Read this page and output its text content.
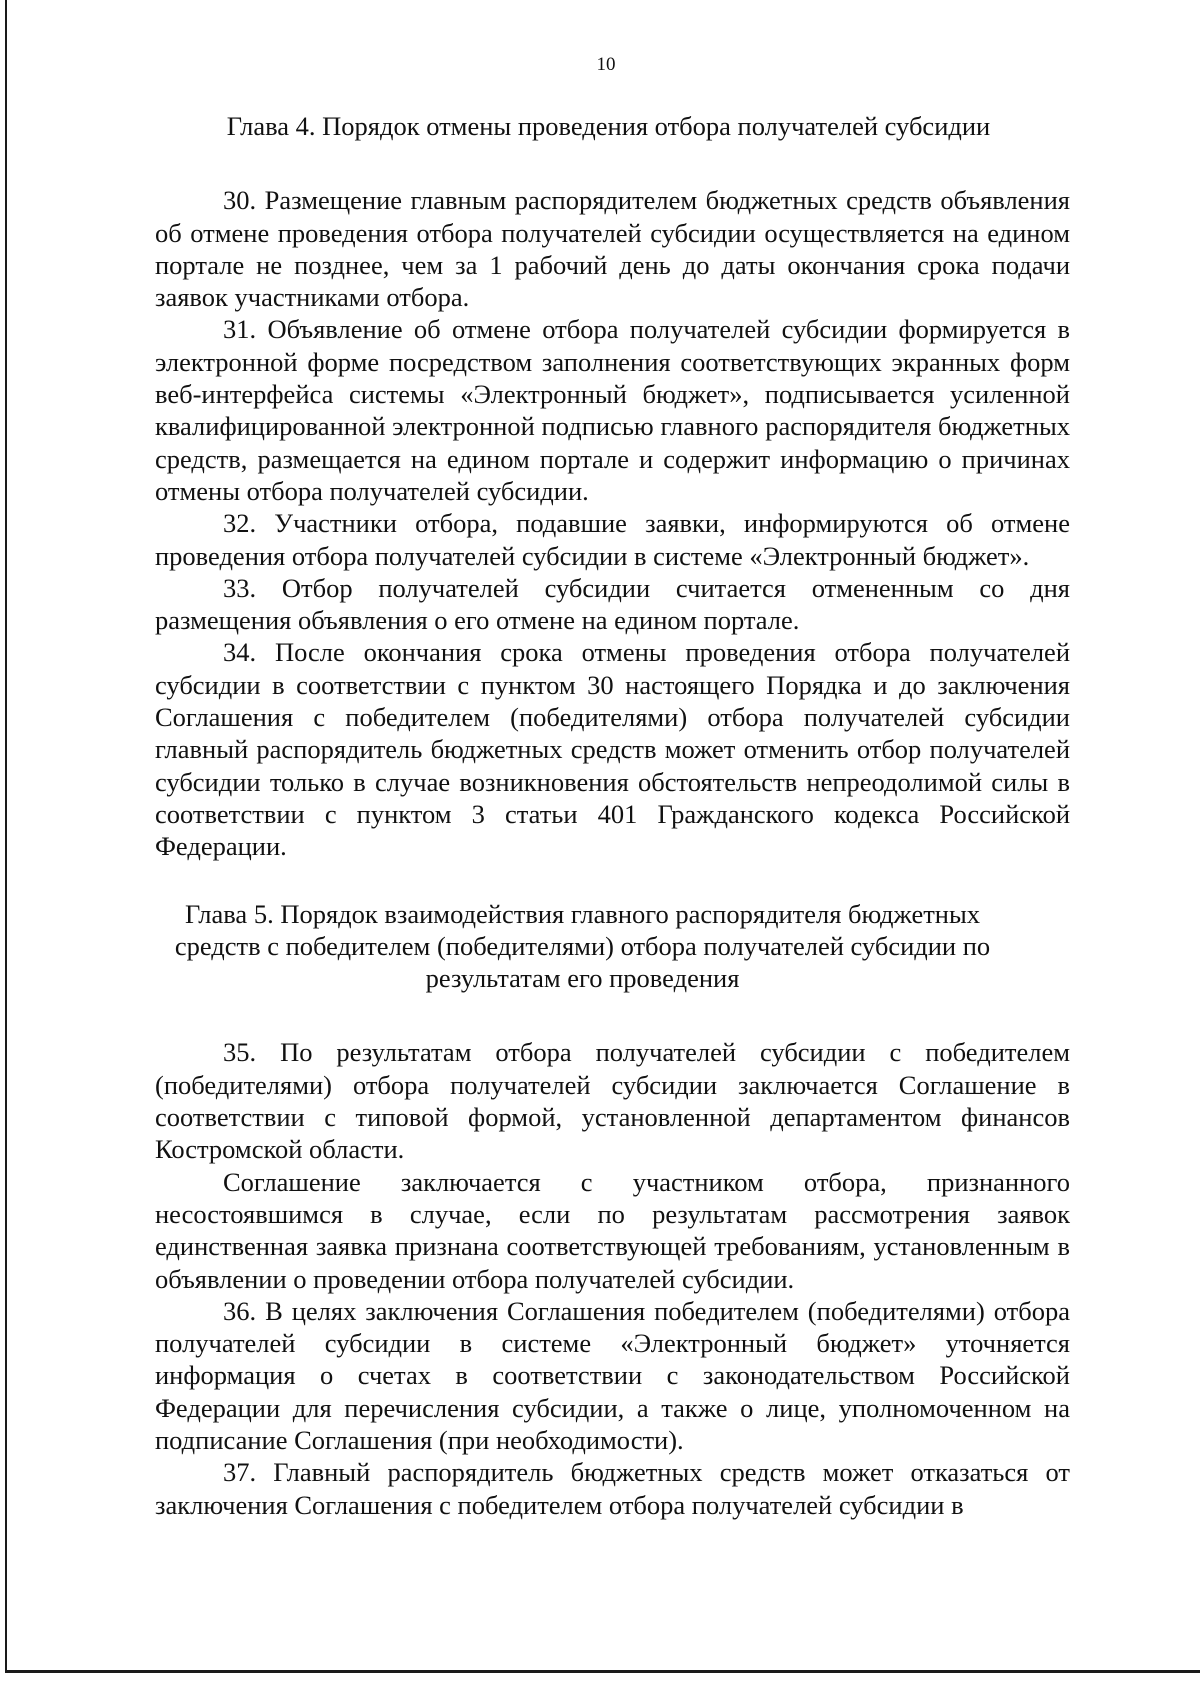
10
Глава 4. Порядок отмены проведения отбора получателей субсидии

30. Размещение главным распорядителем бюджетных средств объявления об отмене проведения отбора получателей субсидии осуществляется на едином портале не позднее, чем за 1 рабочий день до даты окончания срока подачи заявок участниками отбора.

31. Объявление об отмене отбора получателей субсидии формируется в электронной форме посредством заполнения соответствующих экранных форм веб-интерфейса системы «Электронный бюджет», подписывается усиленной квалифицированной электронной подписью главного распорядителя бюджетных средств, размещается на едином портале и содержит информацию о причинах отмены отбора получателей субсидии.

32. Участники отбора, подавшие заявки, информируются об отмене проведения отбора получателей субсидии в системе «Электронный бюджет».

33. Отбор получателей субсидии считается отмененным со дня размещения объявления о его отмене на едином портале.

34. После окончания срока отмены проведения отбора получателей субсидии в соответствии с пунктом 30 настоящего Порядка и до заключения Соглашения с победителем (победителями) отбора получателей субсидии главный распорядитель бюджетных средств может отменить отбор получателей субсидии только в случае возникновения обстоятельств непреодолимой силы в соответствии с пунктом 3 статьи 401 Гражданского кодекса Российской Федерации.

Глава 5. Порядок взаимодействия главного распорядителя бюджетных средств с победителем (победителями) отбора получателей субсидии по результатам его проведения

35. По результатам отбора получателей субсидии с победителем (победителями) отбора получателей субсидии заключается Соглашение в соответствии с типовой формой, установленной департаментом финансов Костромской области.

Соглашение заключается с участником отбора, признанного несостоявшимся в случае, если по результатам рассмотрения заявок единственная заявка признана соответствующей требованиям, установленным в объявлении о проведении отбора получателей субсидии.

36. В целях заключения Соглашения победителем (победителями) отбора получателей субсидии в системе «Электронный бюджет» уточняется информация о счетах в соответствии с законодательством Российской Федерации для перечисления субсидии, а также о лице, уполномоченном на подписание Соглашения (при необходимости).

37. Главный распорядитель бюджетных средств может отказаться от заключения Соглашения с победителем отбора получателей субсидии в
